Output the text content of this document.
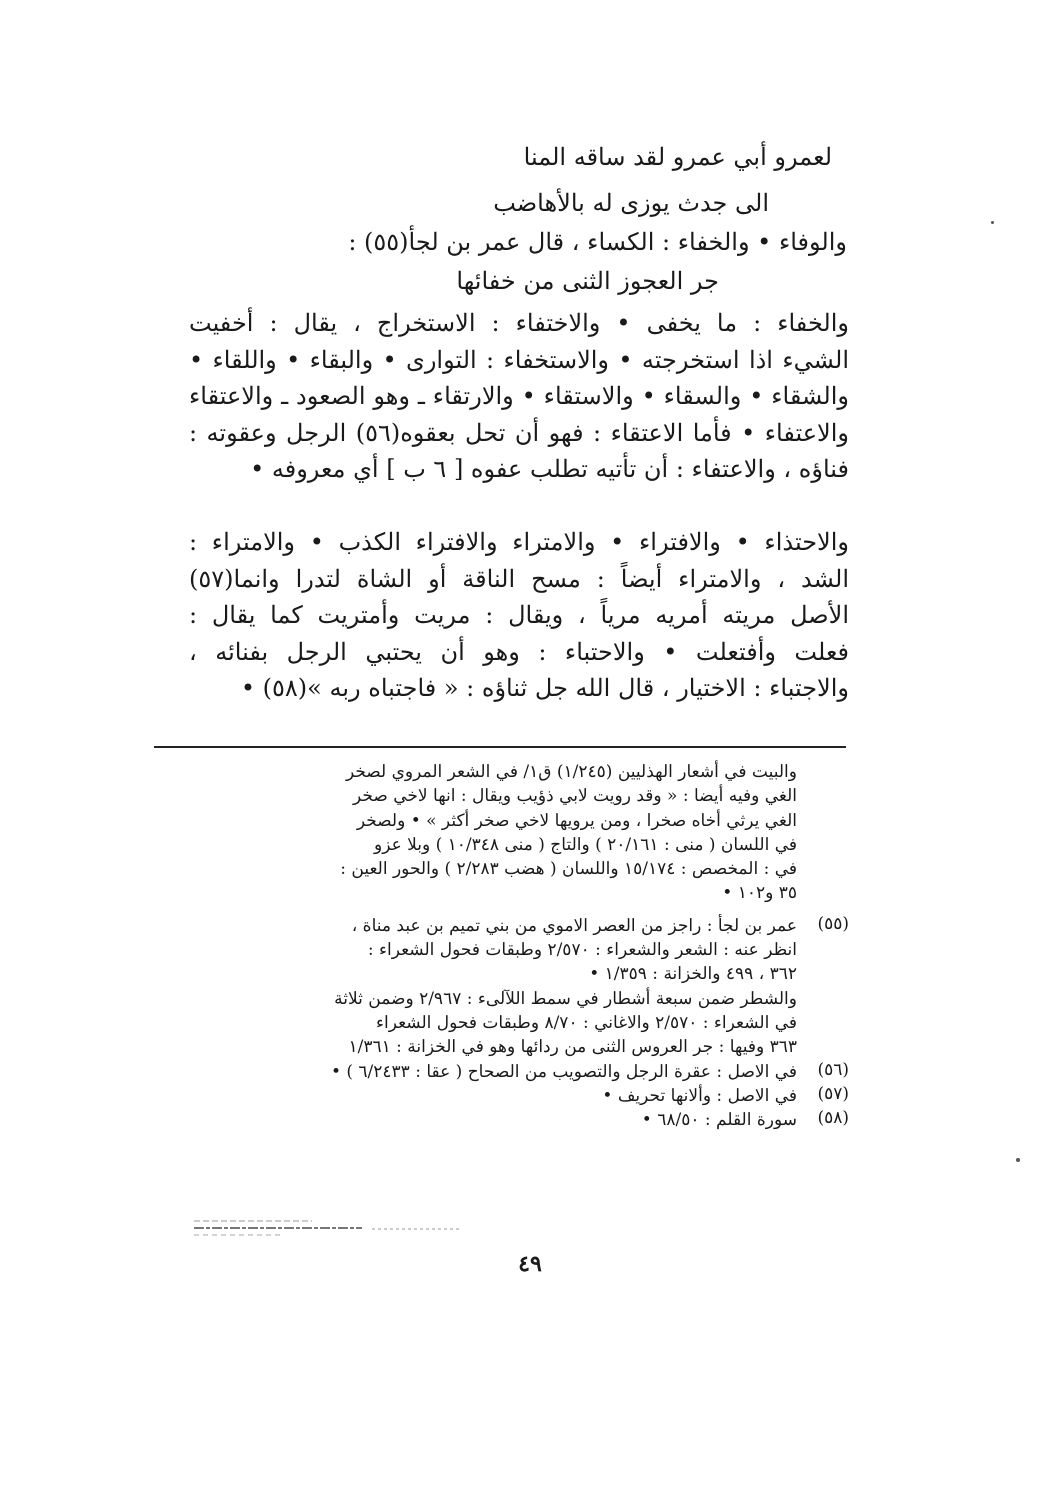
لعمرو أبي عمرو لقد ساقه المنا
الى جدث يوزى له بالأهاضب
والوفاء • والخفاء : الكساء ، قال عمر بن لجأ(٥٥) :
جر العجوز الثنى من خفائها
والخفاء : ما يخفى • والاختفاء : الاستخراج ، يقال : أخفيت
الشيء اذا استخرجته • والاستخفاء : التوارى • والبقاء • واللقاء •
والشقاء • والسقاء • والاستقاء • والارتقاء ـ وهو الصعود ـ والاعتقاء
والاعتفاء • فأما الاعتقاء : فهو أن تحل بعقوه(٥٦) الرجل وعقوته :
فناؤه ، والاعتفاء : أن تأتيه تطلب عفوه [ ٦ ب ] أي معروفه •
والاحتذاء • والافتراء • والامتراء والافتراء الكذب • والامتراء :
الشد ، والامتراء أيضاً : مسح الناقة أو الشاة لتدرا وانما(٥٧)
الأصل مريته أمريه مرياً ، ويقال : مريت وأمتريت كما يقال :
فعلت وأفتعلت • والاحتباء : وهو أن يحتبي الرجل بفنائه ،
والاجتباء : الاختيار ، قال الله جل ثناؤه : « فاجتباه ربه »(٥٨) •
والبيت في أشعار الهذليين (١/٢٤٥) ق١/ في الشعر المروي لصخر
الغي وفيه أيضا : « وقد رويت لابي ذؤيب ويقال : انها لاخي صخر
الغي يرثي أخاه صخرا ، ومن يرويها لاخي صخر أكثر » • ولصخر
في اللسان ( منى : ٢٠/١٦١ ) والتاج ( منى ١٠/٣٤٨ ) وبلا عزو
في : المخصص : ١٥/١٧٤ واللسان ( هضب ٢/٢٨٣ ) والحور العين :
٣٥ و١٠٢ •
(٥٥)
عمر بن لجأ : راجز من العصر الاموي من بني تميم بن عبد مناة ،
انظر عنه : الشعر والشعراء : ٢/٥٧٠ وطبقات فحول الشعراء :
٣٦٢ ، ٤٩٩ والخزانة : ١/٣٥٩ •
والشطر ضمن سبعة أشطار في سمط اللآلىء : ٢/٩٦٧ وضمن ثلاثة
في الشعراء : ٢/٥٧٠ والاغاني : ٨/٧٠ وطبقات فحول الشعراء
٣٦٣ وفيها : جر العروس الثنى من ردائها وهو في الخزانة : ١/٣٦١
(٥٦)
في الاصل : عقرة الرجل والتصويب من الصحاح ( عقا : ٦/٢٤٣٣ ) •
(٥٧)
في الاصل : وألانها تحريف •
(٥٨)
سورة القلم : ٦٨/٥٠ •
٤٩
